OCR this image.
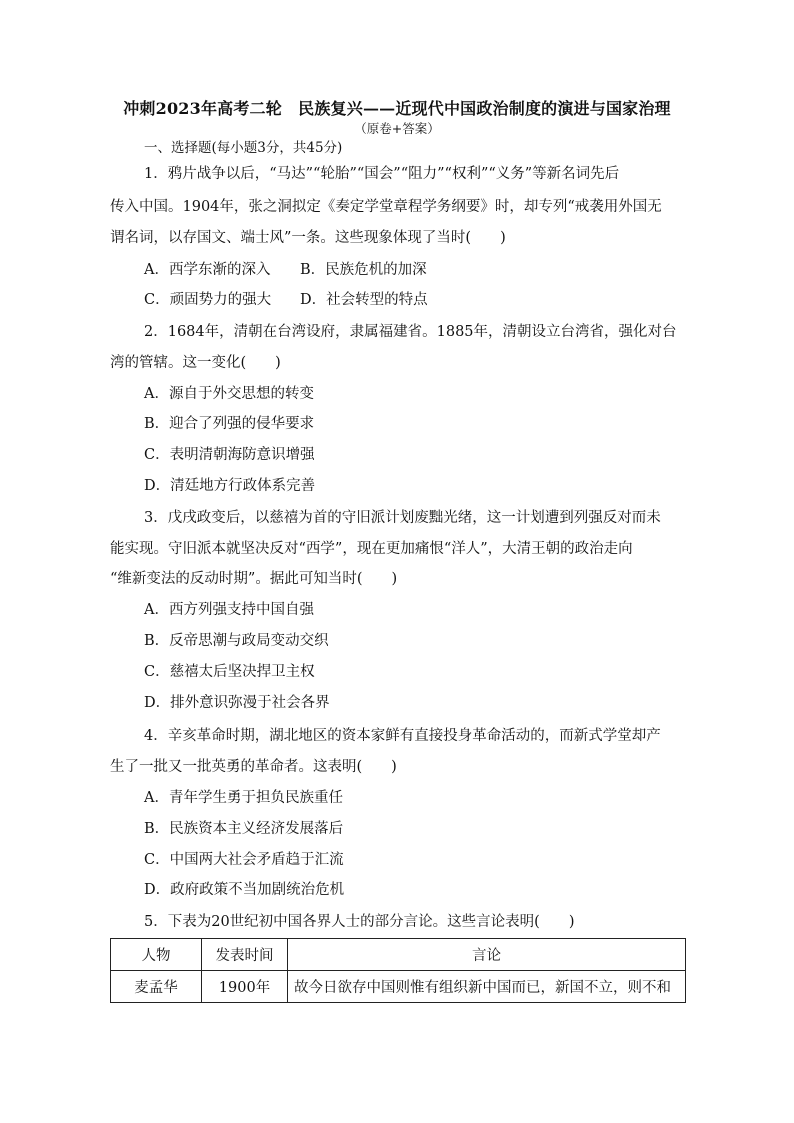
冲刺2023年高考二轮　民族复兴——近现代中国政治制度的演进与国家治理
（原卷+答案）
一、选择题(每小题3分，共45分)
1．鸦片战争以后，“马达”“轮胎”“国会”“阻力”“权利”“义务”等新名词先后
传入中国。1904年，张之洞拟定《奏定学堂章程学务纲要》时，却专列“戒袭用外国无
谓名词，以存国文、端士风”一条。这些现象体现了当时(　　)
A．西学东渐的深入 B．民族危机的加深
C．顽固势力的强大 D．社会转型的特点
2．1684年，清朝在台湾设府，隶属福建省。1885年，清朝设立台湾省，强化对台
湾的管辖。这一变化(　　)
A．源自于外交思想的转变
B．迎合了列强的侵华要求
C．表明清朝海防意识增强
D．清廷地方行政体系完善
3．戊戌政变后，以慈禧为首的守旧派计划废黜光绪，这一计划遭到列强反对而未
能实现。守旧派本就坚决反对“西学”，现在更加痛恨“洋人”，大清王朝的政治走向
“维新变法的反动时期”。据此可知当时(　　)
A．西方列强支持中国自强
B．反帝思潮与政局变动交织
C．慈禧太后坚决捍卫主权
D．排外意识弥漫于社会各界
4．辛亥革命时期，湖北地区的资本家鲜有直接投身革命活动的，而新式学堂却产
生了一批又一批英勇的革命者。这表明(　　)
A．青年学生勇于担负民族重任
B．民族资本主义经济发展落后
C．中国两大社会矛盾趋于汇流
D．政府政策不当加剧统治危机
5．下表为20世纪初中国各界人士的部分言论。这些言论表明(　　)
人物	发表时间	言论
麦孟华	1900年	故今日欲存中国则惟有组织新中国而已，新国不立，则不和
